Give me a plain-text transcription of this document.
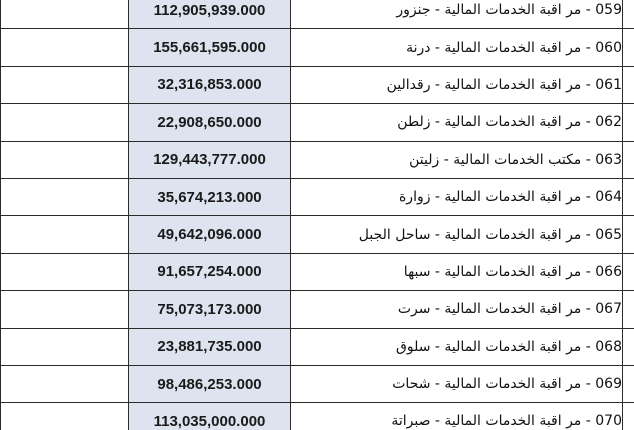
	112,905,939.000	059 - مر اقبة الخدمات المالية - جنزور	
	155,661,595.000	060 - مر اقبة الخدمات المالية - درنة	
	32,316,853.000	061 - مر اقبة الخدمات المالية - رقدالين	
	22,908,650.000	062 - مر اقبة الخدمات المالية - زلطن	
	129,443,777.000	063 - مكتب الخدمات المالية - زليتن	
	35,674,213.000	064 - مر اقبة الخدمات المالية - زوارة	
	49,642,096.000	065 - مر اقبة الخدمات المالية - ساحل الجبل	
	91,657,254.000	066 - مر اقبة الخدمات المالية - سبها	
	75,073,173.000	067 - مر اقبة الخدمات المالية - سرت	
	23,881,735.000	068 - مر اقبة الخدمات المالية - سلوق	
	98,486,253.000	069 - مر اقبة الخدمات المالية - شحات	
	113,035,000.000	070 - مر اقبة الخدمات المالية - صبراتة	
